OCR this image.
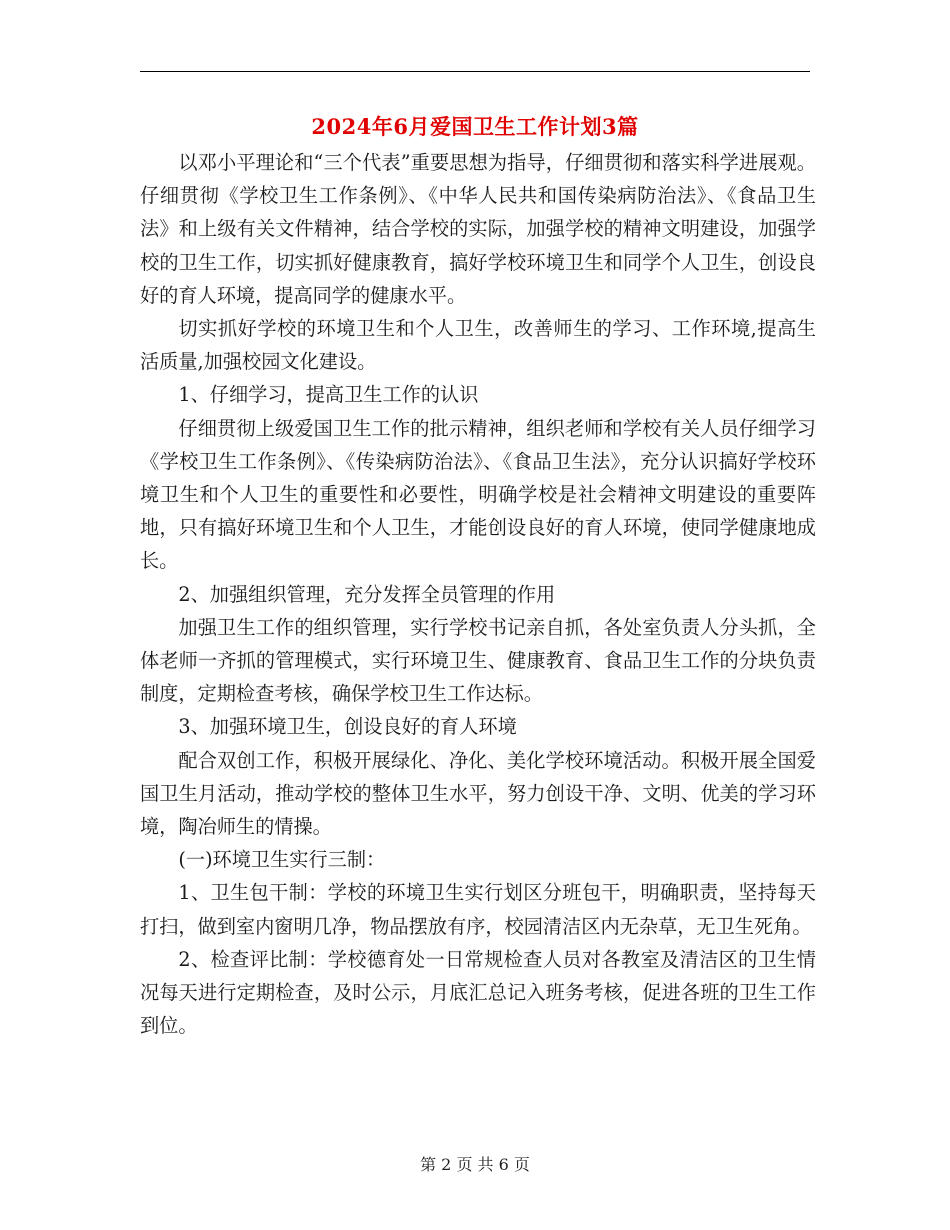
2024年6月爱国卫生工作计划3篇

以邓小平理论和“三个代表”重要思想为指导，仔细贯彻和落实科学进展观。仔细贯彻《学校卫生工作条例》、《中华人民共和国传染病防治法》、《食品卫生法》和上级有关文件精神，结合学校的实际，加强学校的精神文明建设，加强学校的卫生工作，切实抓好健康教育，搞好学校环境卫生和同学个人卫生，创设良好的育人环境，提高同学的健康水平。

切实抓好学校的环境卫生和个人卫生，改善师生的学习、工作环境,提高生活质量,加强校园文化建设。

1、仔细学习，提高卫生工作的认识

仔细贯彻上级爱国卫生工作的批示精神，组织老师和学校有关人员仔细学习《学校卫生工作条例》、《传染病防治法》、《食品卫生法》，充分认识搞好学校环境卫生和个人卫生的重要性和必要性，明确学校是社会精神文明建设的重要阵地，只有搞好环境卫生和个人卫生，才能创设良好的育人环境，使同学健康地成长。

2、加强组织管理，充分发挥全员管理的作用

加强卫生工作的组织管理，实行学校书记亲自抓，各处室负责人分头抓，全体老师一齐抓的管理模式，实行环境卫生、健康教育、食品卫生工作的分块负责制度，定期检查考核，确保学校卫生工作达标。

3、加强环境卫生，创设良好的育人环境

配合双创工作，积极开展绿化、净化、美化学校环境活动。积极开展全国爱国卫生月活动，推动学校的整体卫生水平，努力创设干净、文明、优美的学习环境，陶冶师生的情操。

(一)环境卫生实行三制：

1、卫生包干制：学校的环境卫生实行划区分班包干，明确职责，坚持每天打扫，做到室内窗明几净，物品摆放有序，校园清洁区内无杂草，无卫生死角。

2、检查评比制：学校德育处一日常规检查人员对各教室及清洁区的卫生情况每天进行定期检查，及时公示，月底汇总记入班务考核，促进各班的卫生工作到位。

第 2 页 共 6 页
